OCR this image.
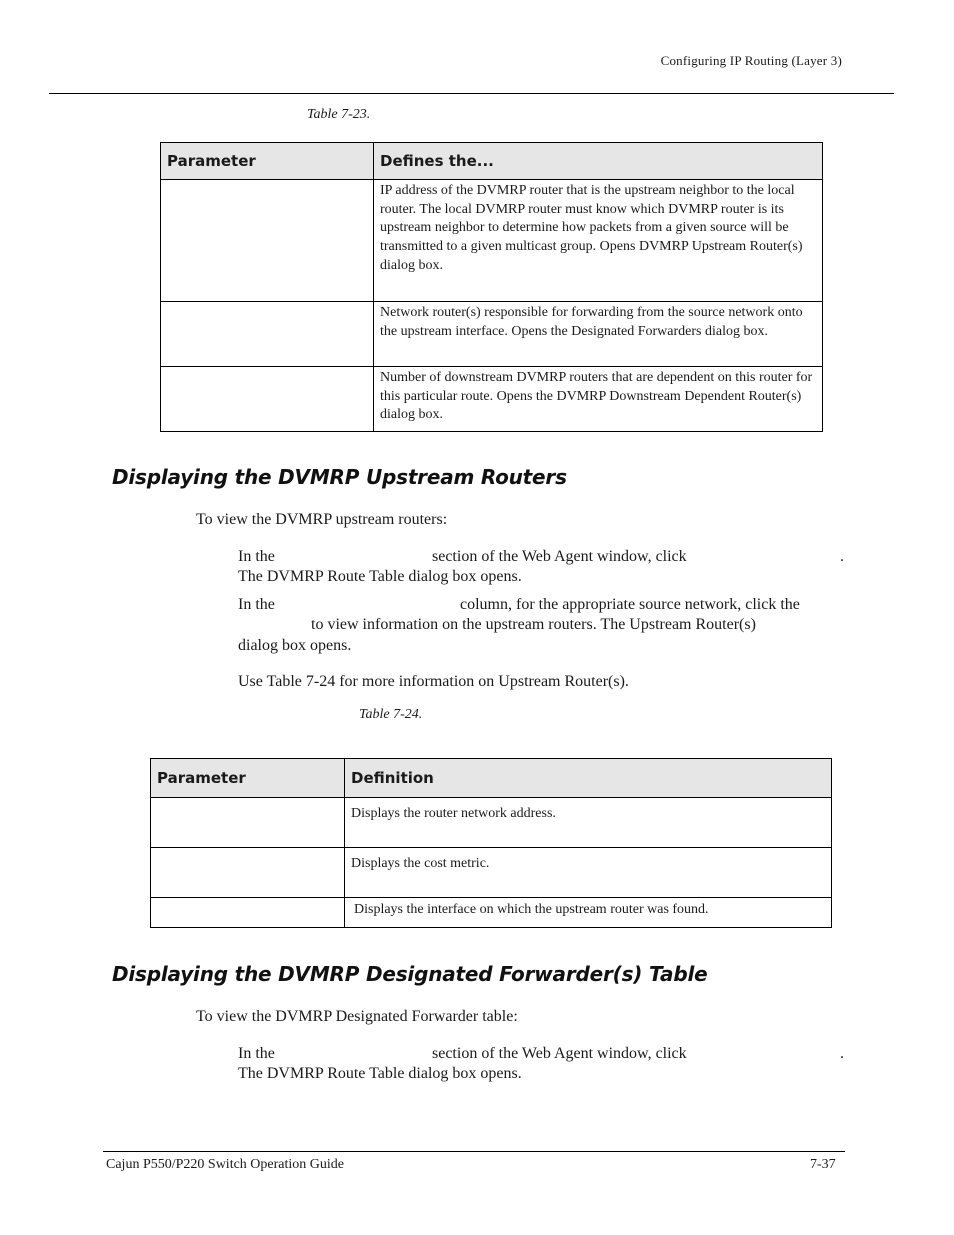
Configuring IP Routing (Layer 3)
Table 7-23.
Parameter	Defines the...
	IP address of the DVMRP router that is the upstream neighbor to the local router. The local DVMRP router must know which DVMRP router is its upstream neighbor to determine how packets from a given source will be transmitted to a given multicast group. Opens DVMRP Upstream Router(s) dialog box.
	Network router(s) responsible for forwarding from the source network onto the upstream interface. Opens the Designated Forwarders dialog box.
	Number of downstream DVMRP routers that are dependent on this router for this particular route. Opens the DVMRP Downstream Dependent Router(s) dialog box.
Displaying the DVMRP Upstream Routers

To view the DVMRP upstream routers:

In the	section of the Web Agent window, click	.

The DVMRP Route Table dialog box opens.

In the	column, for the appropriate source network, click the

to view information on the upstream routers. The Upstream Router(s)

dialog box opens.

Use Table 7-24 for more information on Upstream Router(s).

Table 7-24.
Parameter	Definition
	Displays the router network address.
	Displays the cost metric.
	Displays the interface on which the upstream router was found.
Displaying the DVMRP Designated Forwarder(s) Table

To view the DVMRP Designated Forwarder table:

In the	section of the Web Agent window, click	.

The DVMRP Route Table dialog box opens.

Cajun P550/P220 Switch Operation Guide	7-37
